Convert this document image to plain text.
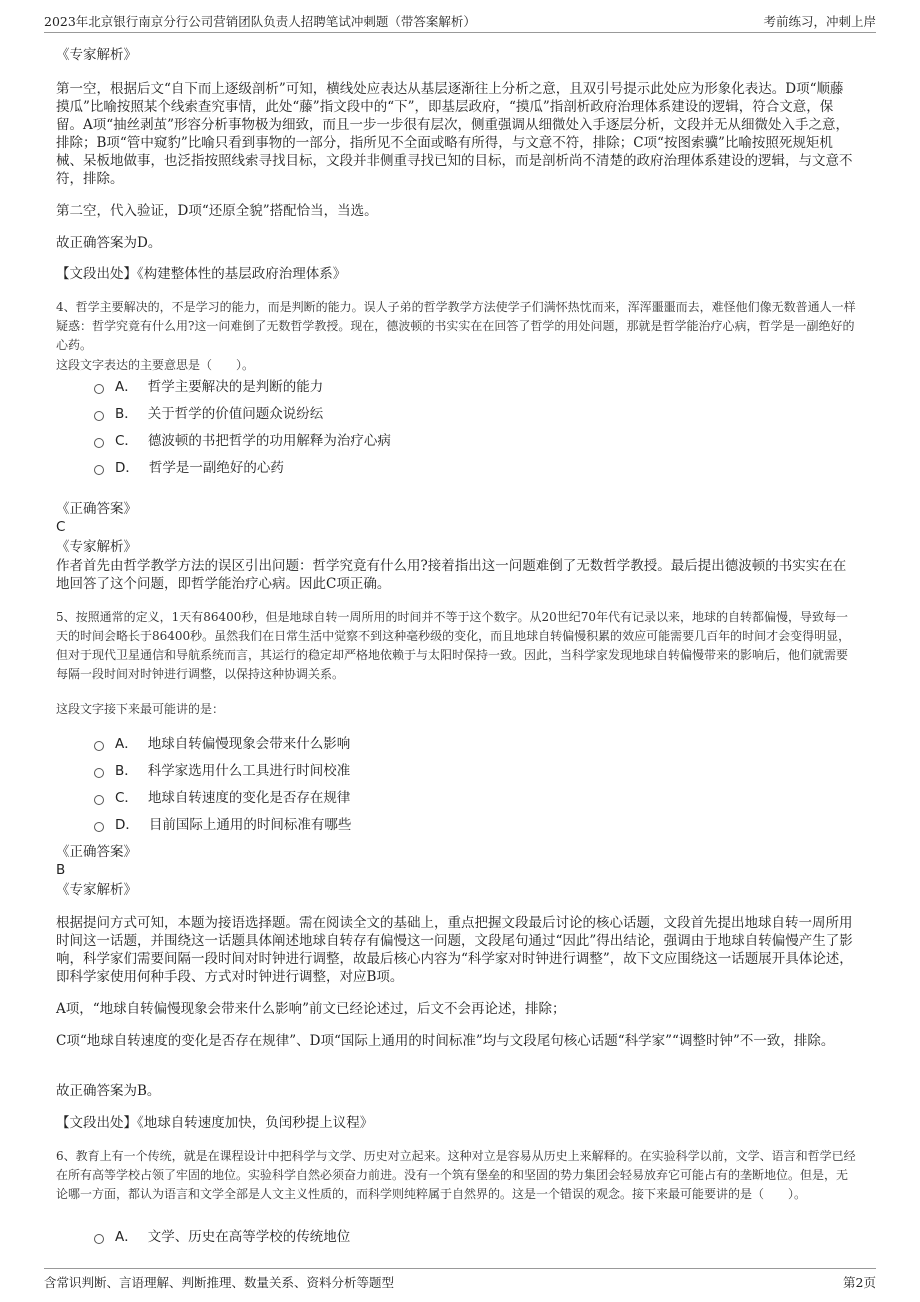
2023年北京银行南京分行公司营销团队负责人招聘笔试冲刺题（带答案解析）	考前练习，冲刺上岸
《专家解析》
第一空，根据后文“自下而上逐级剖析”可知，横线处应表达从基层逐渐往上分析之意，且双引号提示此处应为形象化表达。D项“顺藤摸瓜”比喻按照某个线索查究事情，此处“藤”指文段中的“下”，即基层政府，“摸瓜”指剖析政府治理体系建设的逻辑，符合文意，保留。A项“抽丝剥茧”形容分析事物极为细致，而且一步一步很有层次，侧重强调从细微处入手逐层分析，文段并无从细微处入手之意，排除；B项“管中窥豹”比喻只看到事物的一部分，指所见不全面或略有所得，与文意不符，排除；C项“按图索骥”比喻按照死规矩机械、呆板地做事，也泛指按照线索寻找目标，文段并非侧重寻找已知的目标，而是剖析尚不清楚的政府治理体系建设的逻辑，与文意不符，排除。
第二空，代入验证，D项“还原全貌”搭配恰当，当选。
故正确答案为D。
【文段出处】《构建整体性的基层政府治理体系》
4、哲学主要解决的，不是学习的能力，而是判断的能力。误人子弟的哲学教学方法使学子们满怀热忱而来，浑浑噩噩而去，难怪他们像无数普通人一样疑惑：哲学究竟有什么用?这一问难倒了无数哲学教授。现在，德波顿的书实实在在回答了哲学的用处问题，那就是哲学能治疗心病，哲学是一副绝好的心药。
这段文字表达的主要意思是（　　）。
A． 哲学主要解决的是判断的能力
B． 关于哲学的价值问题众说纷纭
C． 德波顿的书把哲学的功用解释为治疗心病
D． 哲学是一副绝好的心药
《正确答案》
C
《专家解析》
作者首先由哲学教学方法的误区引出问题：哲学究竟有什么用?接着指出这一问题难倒了无数哲学教授。最后提出德波顿的书实实在在地回答了这个问题，即哲学能治疗心病。因此C项正确。
5、按照通常的定义，1天有86400秒，但是地球自转一周所用的时间并不等于这个数字。从20世纪70年代有记录以来，地球的自转都偏慢，导致每一天的时间会略长于86400秒。虽然我们在日常生活中觉察不到这种毫秒级的变化，而且地球自转偏慢积累的效应可能需要几百年的时间才会变得明显，但对于现代卫星通信和导航系统而言，其运行的稳定却严格地依赖于与太阳时保持一致。因此，当科学家发现地球自转偏慢带来的影响后，他们就需要每隔一段时间对时钟进行调整，以保持这种协调关系。
这段文字接下来最可能讲的是：
A． 地球自转偏慢现象会带来什么影响
B． 科学家选用什么工具进行时间校准
C． 地球自转速度的变化是否存在规律
D． 目前国际上通用的时间标准有哪些
《正确答案》
B
《专家解析》
根据提问方式可知，本题为接语选择题。需在阅读全文的基础上，重点把握文段最后讨论的核心话题，文段首先提出地球自转一周所用时间这一话题，并围绕这一话题具体阐述地球自转存有偏慢这一问题，文段尾句通过“因此”得出结论，强调由于地球自转偏慢产生了影响，科学家们需要间隔一段时间对时钟进行调整，故最后核心内容为“科学家对时钟进行调整”，故下文应围绕这一话题展开具体论述，即科学家使用何种手段、方式对时钟进行调整，对应B项。
A项，“地球自转偏慢现象会带来什么影响”前文已经论述过，后文不会再论述，排除；
C项“地球自转速度的变化是否存在规律”、D项“国际上通用的时间标准”均与文段尾句核心话题“科学家”“调整时钟”不一致，排除。
故正确答案为B。
【文段出处】《地球自转速度加快，负闰秒提上议程》
6、教育上有一个传统，就是在课程设计中把科学与文学、历史对立起来。这种对立是容易从历史上来解释的。在实验科学以前，文学、语言和哲学已经在所有高等学校占领了牢固的地位。实验科学自然必须奋力前进。没有一个筑有堡垒的和坚固的势力集团会轻易放弃它可能占有的垄断地位。但是，无论哪一方面，都认为语言和文学全部是人文主义性质的，而科学则纯粹属于自然界的。这是一个错误的观念。接下来最可能要讲的是（　　）。
A． 文学、历史在高等学校的传统地位
含常识判断、言语理解、判断推理、数量关系、资料分析等题型	第2页
